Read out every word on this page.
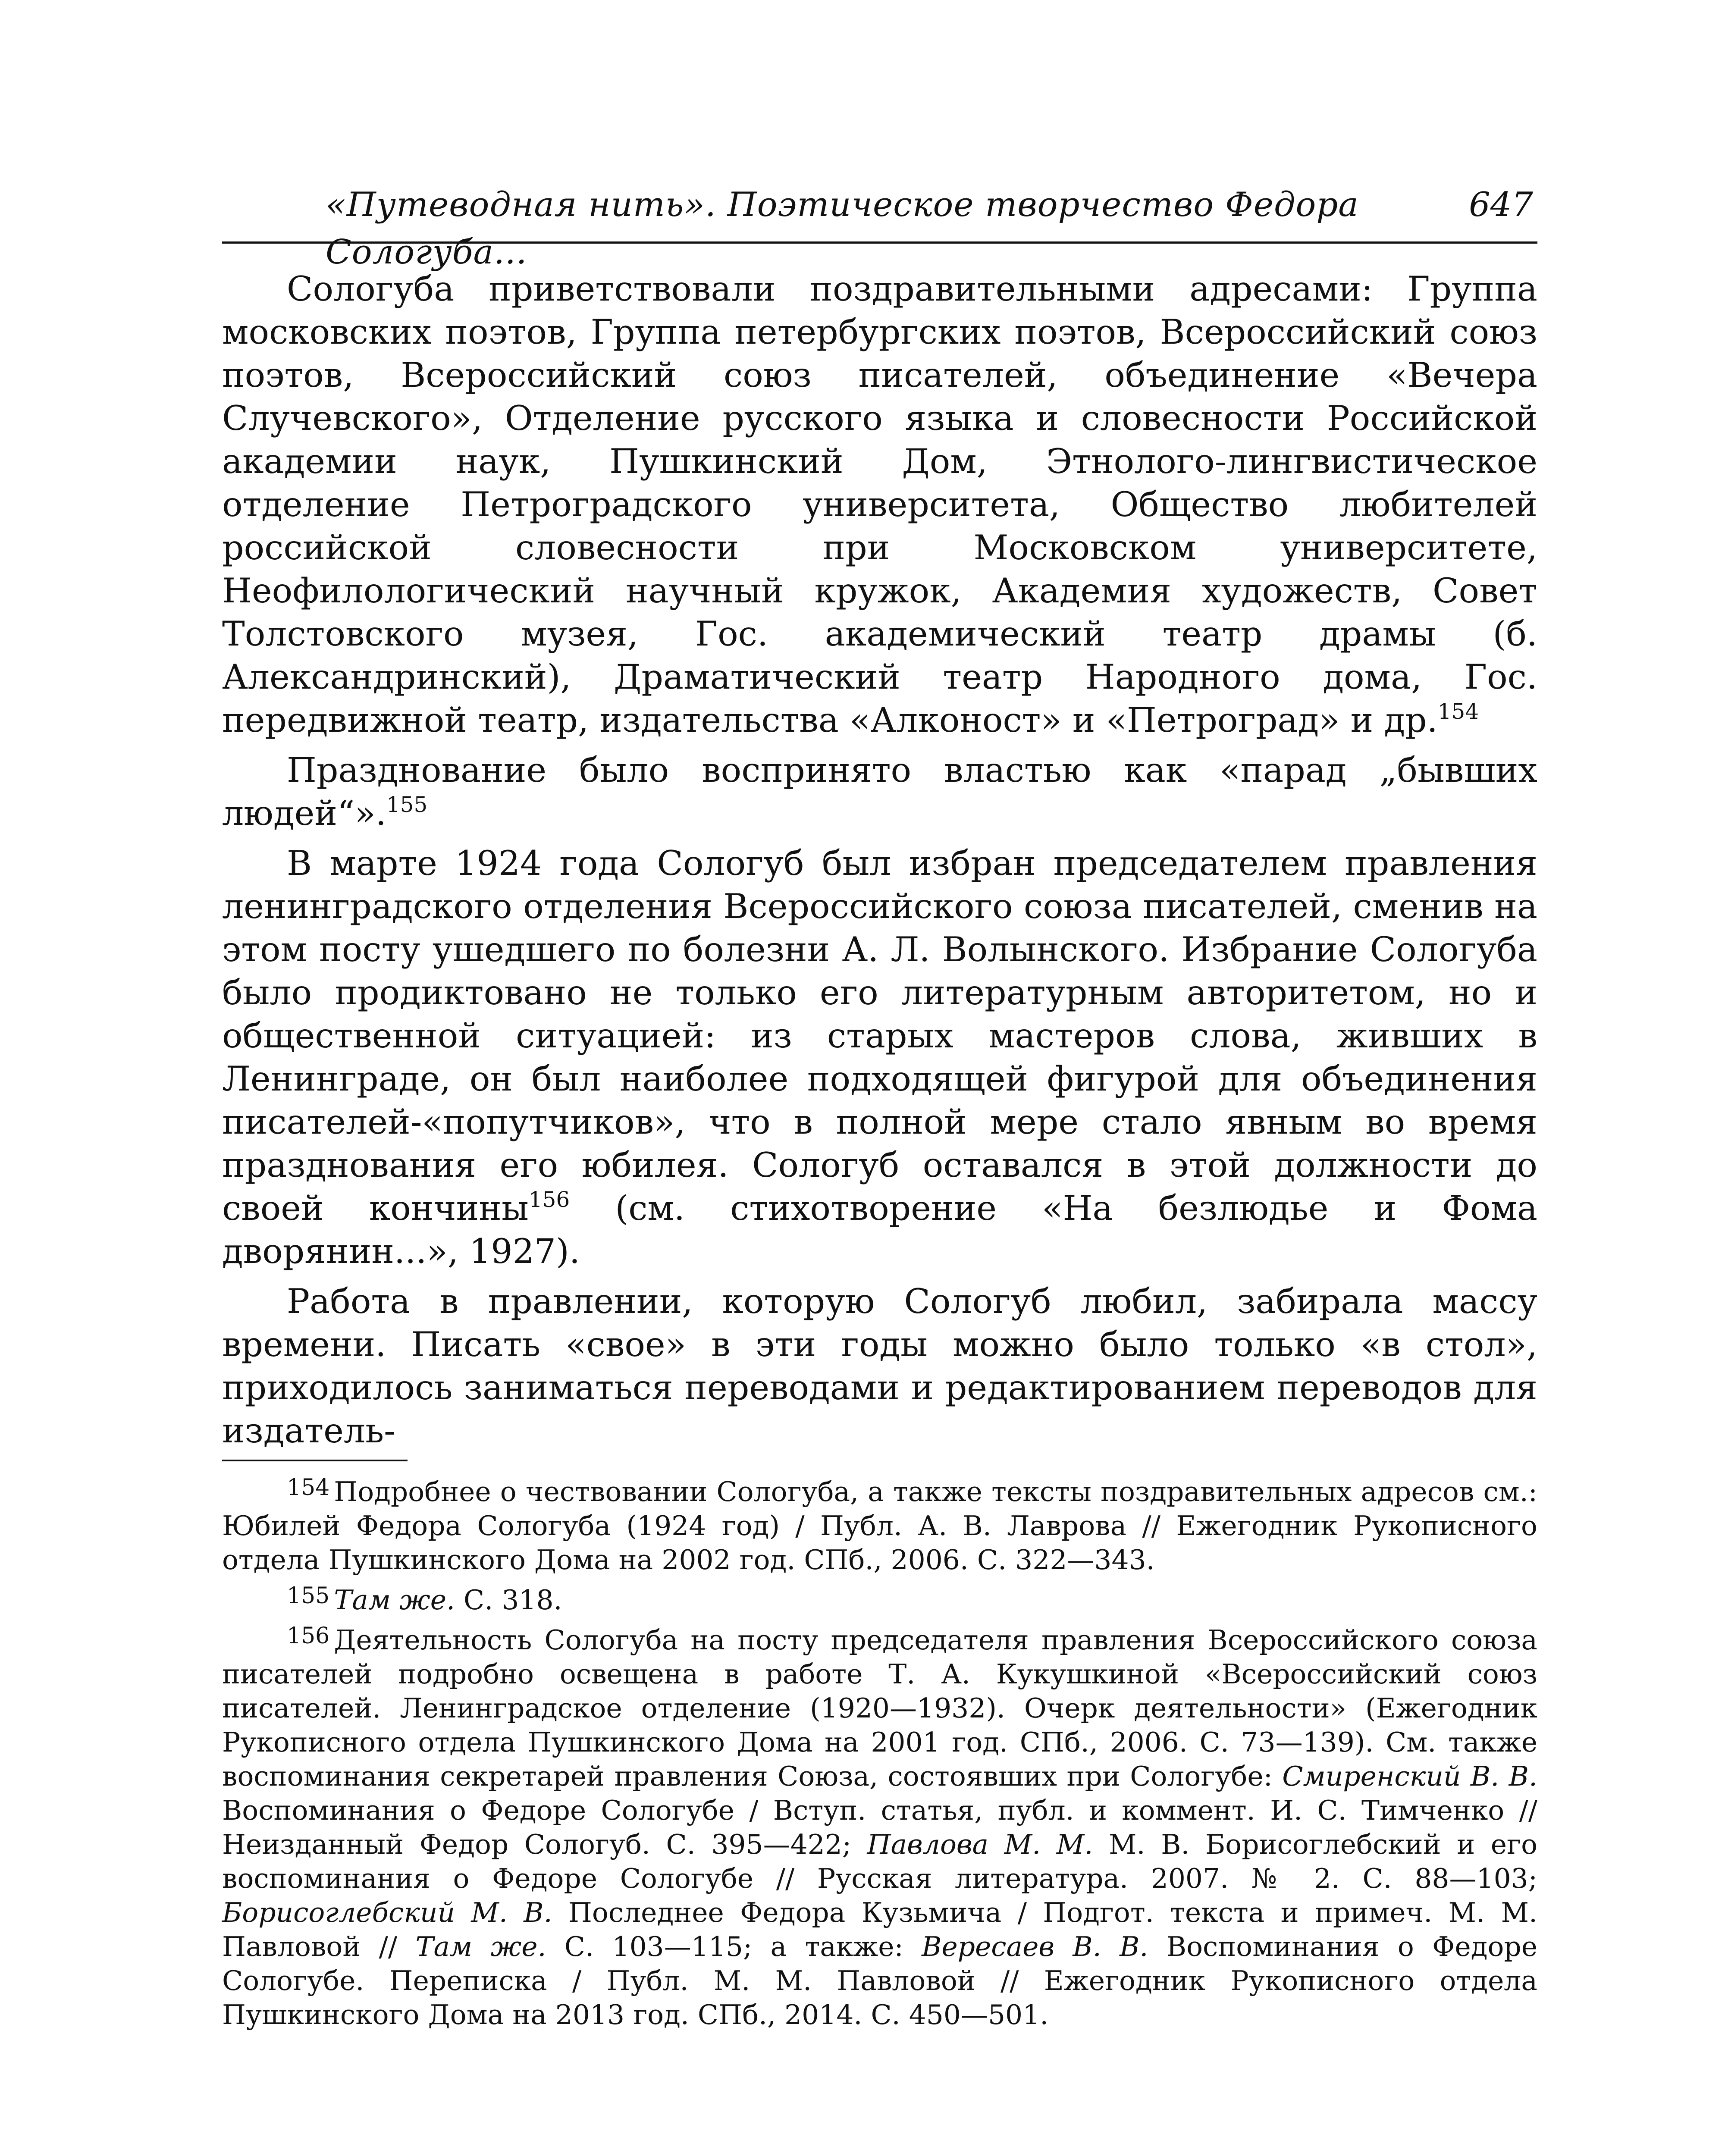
«Путеводная нить». Поэтическое творчество Федора Сологуба...
647

Сологуба приветствовали поздравительными адресами: Группа московских поэтов, Группа петербургских поэтов, Всероссийский союз поэтов, Всероссийский союз писателей, объединение «Вечера Случевского», Отделение русского языка и словесности Российской академии наук, Пушкинский Дом, Этнолого-лингвистическое отделение Петроградского университета, Общество любителей российской словесности при Московском университете, Неофилологический научный кружок, Академия художеств, Совет Толстовского музея, Гос. академический театр драмы (б. Александринский), Драматический театр Народного дома, Гос. передвижной театр, издательства «Алконост» и «Петроград» и др.$^{154}$

Празднование было воспринято властью как «парад „бывших людей“».$^{155}$

В марте 1924 года Сологуб был избран председателем правления ленинградского отделения Всероссийского союза писателей, сменив на этом посту ушедшего по болезни А. Л. Волынского. Избрание Сологуба было продиктовано не только его литературным авторитетом, но и общественной ситуацией: из старых мастеров слова, живших в Ленинграде, он был наиболее подходящей фигурой для объединения писателей-«попутчиков», что в полной мере стало явным во время празднования его юбилея. Сологуб оставался в этой должности до своей кончины$^{156}$ (см. стихотворение «На безлюдье и Фома дворянин...», 1927).

Работа в правлении, которую Сологуб любил, забирала массу времени. Писать «свое» в эти годы можно было только «в стол», приходилось заниматься переводами и редактированием переводов для издатель-

$^{154}$ Подробнее о чествовании Сологуба, а также тексты поздравительных адресов см.: Юбилей Федора Сологуба (1924 год) / Публ. А. В. Лаврова // Ежегодник Рукописного отдела Пушкинского Дома на 2002 год. СПб., 2006. С. 322—343.

$^{155}$ Там же. С. 318.

$^{156}$ Деятельность Сологуба на посту председателя правления Всероссийского союза писателей подробно освещена в работе Т. А. Кукушкиной «Всероссийский союз писателей. Ленинградское отделение (1920—1932). Очерк деятельности» (Ежегодник Рукописного отдела Пушкинского Дома на 2001 год. СПб., 2006. С. 73—139). См. также воспоминания секретарей правления Союза, состоявших при Сологубе: Смиренский В. В. Воспоминания о Федоре Сологубе / Вступ. статья, публ. и коммент. И. С. Тимченко // Неизданный Федор Сологуб. С. 395—422; Павлова М. М. М. В. Борисоглебский и его воспоминания о Федоре Сологубе // Русская литература. 2007. № 2. С. 88—103; Борисоглебский М. В. Последнее Федора Кузьмича / Подгот. текста и примеч. М. М. Павловой // Там же. С. 103—115; а также: Вересаев В. В. Воспоминания о Федоре Сологубе. Переписка / Публ. М. М. Павловой // Ежегодник Рукописного отдела Пушкинского Дома на 2013 год. СПб., 2014. С. 450—501.
